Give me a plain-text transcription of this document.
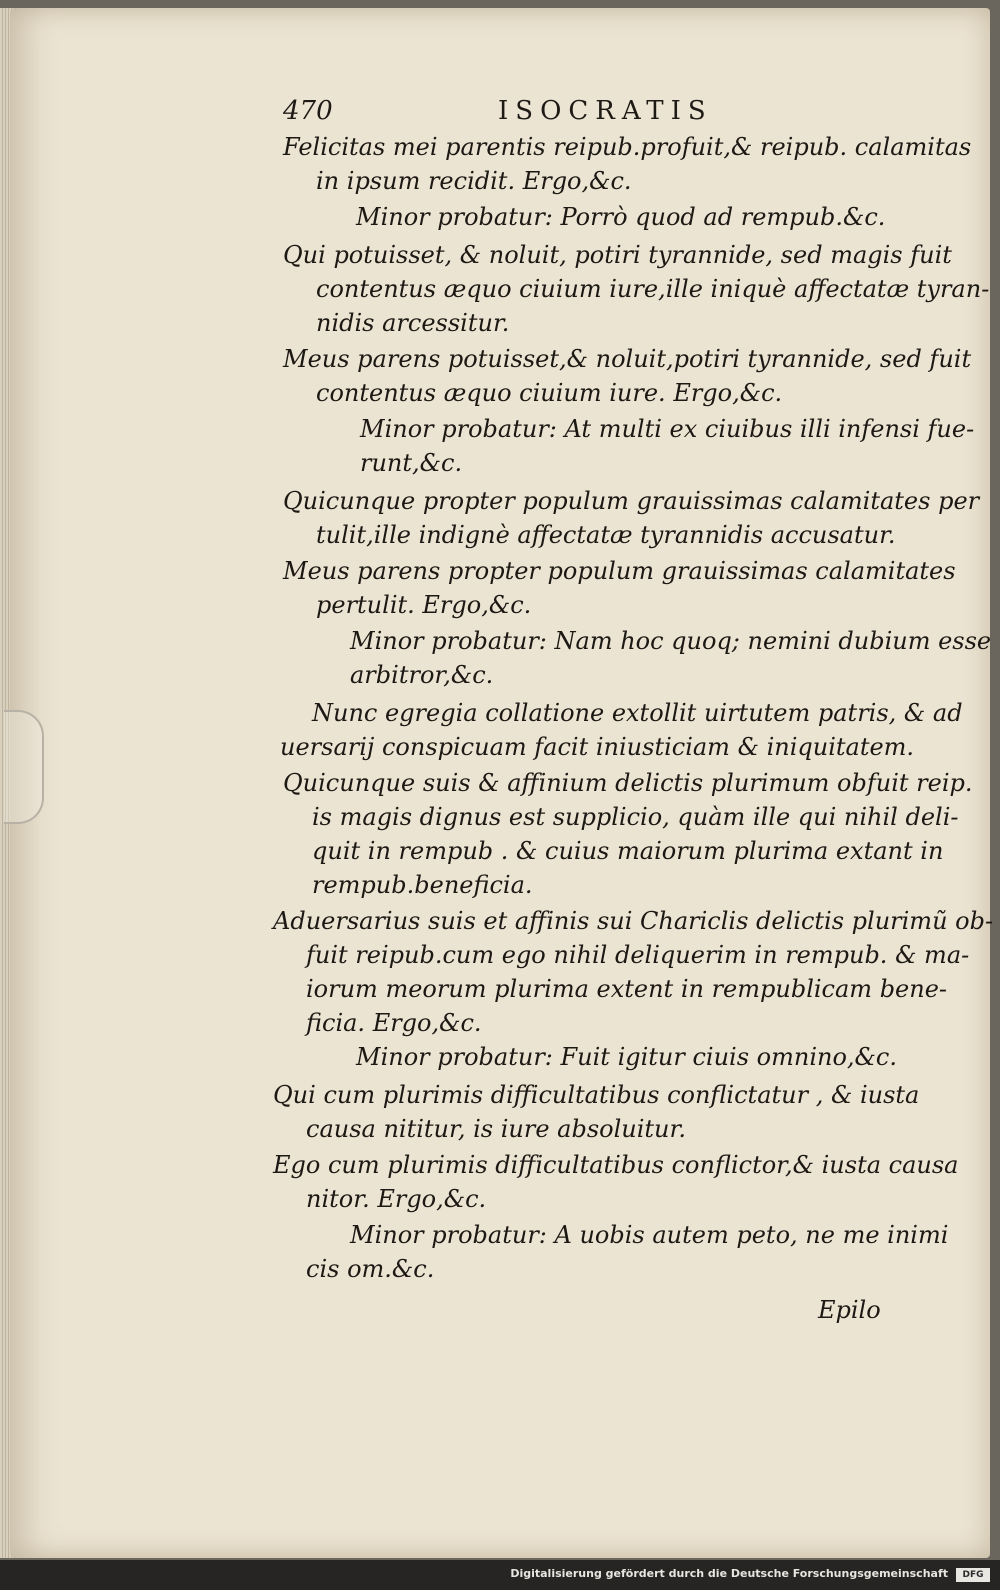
470	ISOCRATIS
Felicitas mei parentis reipub.profuit,& reipub. calamitas
in ipsum recidit. Ergo,&c.
Minor probatur: Porrò quod ad rempub.&c.
Qui potuisset, & noluit, potiri tyrannide, sed magis fuit
contentus æquo ciuium iure,ille iniquè affectatæ tyran-
nidis arcessitur.
Meus parens potuisset,& noluit,potiri tyrannide, sed fuit
contentus æquo ciuium iure. Ergo,&c.
Minor probatur: At multi ex ciuibus illi infensi fue-
runt,&c.
Quicunque propter populum grauissimas calamitates per
tulit,ille indignè affectatæ tyrannidis accusatur.
Meus parens propter populum grauissimas calamitates
pertulit. Ergo,&c.
Minor probatur: Nam hoc quoq; nemini dubium esse
arbitror,&c.
Nunc egregia collatione extollit uirtutem patris, & ad
uersarij conspicuam facit iniusticiam & iniquitatem.
Quicunque suis & affinium delictis plurimum obfuit reip.
is magis dignus est supplicio, quàm ille qui nihil deli-
quit in rempub . & cuius maiorum plurima extant in
rempub.beneficia.
Aduersarius suis et affinis sui Chariclis delictis plurimũ ob-
fuit reipub.cum ego nihil deliquerim in rempub. & ma-
iorum meorum plurima extent in rempublicam bene-
ficia. Ergo,&c.
Minor probatur: Fuit igitur ciuis omnino,&c.
Qui cum plurimis difficultatibus conflictatur , & iusta
causa nititur, is iure absoluitur.
Ego cum plurimis difficultatibus conflictor,& iusta causa
nitor. Ergo,&c.
Minor probatur: A uobis autem peto, ne me inimi
cis om.&c.
Epilo
Digitalisierung gefördert durch die Deutsche Forschungsgemeinschaft	DFG
